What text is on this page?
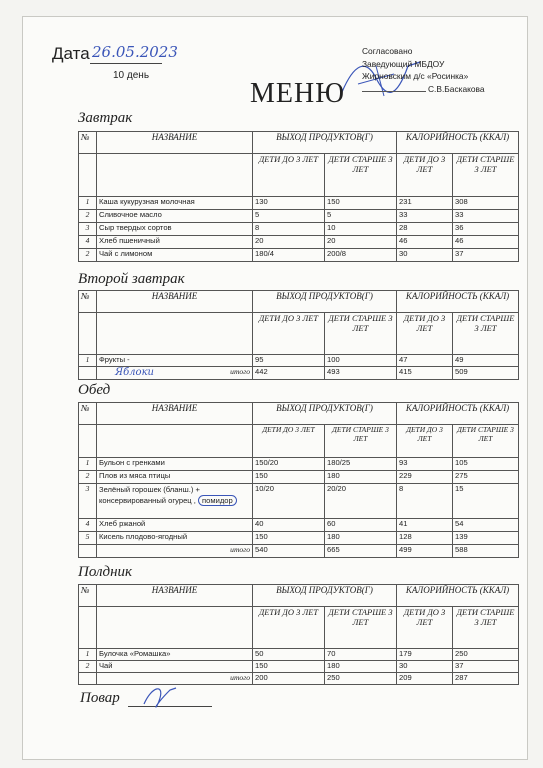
Дата 26.05.2023
10 день
Согласовано
Заведующий МБДОУ
Жирновским д/с «Росинка»
С.В.Баскакова
МЕНЮ
Завтрак
№	НАЗВАНИЕ	ВЫХОД ПРОДУКТОВ(Г)		КАЛОРИЙНОСТЬ (ККАЛ)	
		ДЕТИ ДО 3 ЛЕТ	ДЕТИ СТАРШЕ 3 ЛЕТ	ДЕТИ ДО 3 ЛЕТ	ДЕТИ СТАРШЕ 3 ЛЕТ
1	Каша кукурузная молочная	130	150	231	308
2	Сливочное масло	5	5	33	33
3	Сыр твердых сортов	8	10	28	36
4	Хлеб пшеничный	20	20	46	46
2	Чай с лимоном	180/4	200/8	30	37
Второй завтрак
№	НАЗВАНИЕ	ВЫХОД ПРОДУКТОВ(Г)		КАЛОРИЙНОСТЬ (ККАЛ)	
		ДЕТИ ДО 3 ЛЕТ	ДЕТИ СТАРШЕ 3 ЛЕТ	ДЕТИ ДО 3 ЛЕТ	ДЕТИ СТАРШЕ 3 ЛЕТ
1	Фрукты -	95	100	47	49

	Яблоки итого	442	493	415	509
Обед
№	НАЗВАНИЕ	ВЫХОД ПРОДУКТОВ(Г)		КАЛОРИЙНОСТЬ (ККАЛ)	
		ДЕТИ ДО 3 ЛЕТ	ДЕТИ СТАРШЕ 3 ЛЕТ	ДЕТИ ДО 3 ЛЕТ	ДЕТИ СТАРШЕ 3 ЛЕТ
1	Бульон с гренками	150/20	180/25	93	105
2	Плов из мяса птицы	150	180	229	275
3	Зелёный горошек (бланш.) + консервированный огурец , помидор	10/20	20/20	8	15
4	Хлеб ржаной	40	60	41	54
5	Кисель плодово-ягодный	150	180	128	139
	итого	540	665	499	588
Полдник
№	НАЗВАНИЕ	ВЫХОД ПРОДУКТОВ(Г)		КАЛОРИЙНОСТЬ (ККАЛ)	
		ДЕТИ ДО 3 ЛЕТ	ДЕТИ СТАРШЕ 3 ЛЕТ	ДЕТИ ДО 3 ЛЕТ	ДЕТИ СТАРШЕ 3 ЛЕТ
1	Булочка «Ромашка»	50	70	179	250
2	Чай	150	180	30	37
	итого	200	250	209	287
Повар
